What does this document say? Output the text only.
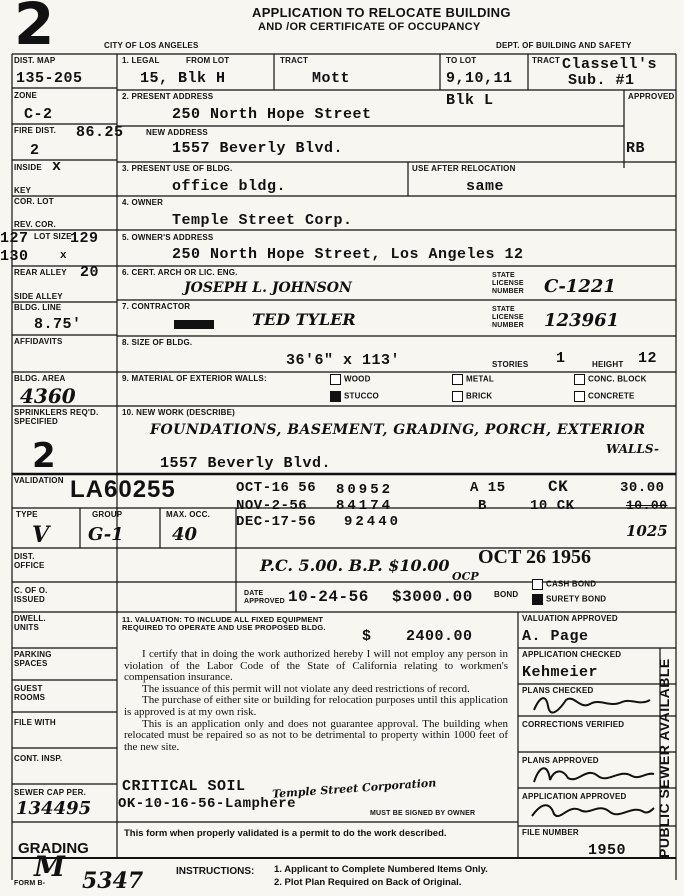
2	APPLICATION TO RELOCATE BUILDING
AND /OR CERTIFICATE OF OCCUPANCY
CITY OF LOS ANGELES	DEPT. OF BUILDING AND SAFETY
DIST. MAP
135-205
1. LEGAL	FROM LOT
15, Blk H
TRACT
Mott
TO LOT
9,10,11
TRACT Classell's
Sub. #1
ZONE
C-2
2. PRESENT ADDRESS	Blk L
250 North Hope Street
APPROVED
FIRE DIST. 86.25
2
NEW ADDRESS
1557 Beverly Blvd.	RB
INSIDE x	3. PRESENT USE OF BLDG.	USE AFTER RELOCATION
office bldg.	same
KEY
COR. LOT	4. OWNER
Temple Street Corp.
REV. COR.
LOT SIZE
127	129
130	x
5. OWNER'S ADDRESS
250 North Hope Street, Los Angeles 12
REAR ALLEY 20	6. CERT. ARCH OR LIC. ENG.
JOSEPH L. JOHNSON
STATE LICENSE NUMBER	C-1221
SIDE ALLEY
BLDG. LINE
8.75'
7. CONTRACTOR
TED TYLER
STATE LICENSE NUMBER	123961
AFFIDAVITS	8. SIZE OF BLDG.
36'6" x 113'	STORIES 1	HEIGHT 12
BLDG. AREA
4360
9. MATERIAL OF EXTERIOR WALLS:	WOOD
STUCCO
METAL
BRICK
CONC. BLOCK
CONCRETE
SPRINKLERS REQ'D. SPECIFIED
10. NEW WORK (DESCRIBE)
FOUNDATIONS, BASEMENT, GRADING, PORCH, EXTERIOR
WALLS-
2	1557 Beverly Blvd.
VALIDATION LA60255	OCT-16 56 80952	A 15	CK	30.00
NOV-2-56 84174	B	10 CK	10.00
DEC-17-56 92440	1025
TYPE
V
GROUP
G-1
MAX. OCC.
40
DIST. OFFICE	P.C. 5.00. B.P. $10.00 OCT 26 1956
OCP
C. OF O. ISSUED
DATE APPROVED 10-24-56 $3000.00	BOND
CASH BOND
SURETY BOND
DWELL. UNITS
11. VALUATION: TO INCLUDE ALL FIXED EQUIPMENT REQUIRED TO OPERATE AND USE PROPOSED BLDG.
$ 2400.00
VALUATION APPROVED
A. Page
PARKING SPACES
GUEST ROOMS
FILE WITH
CONT. INSP.
SEWER CAP PER.
134495
GRADING

I certify that in doing the work authorized hereby I will not employ any person in violation of the Labor Code of the State of California relating to workmen's compensation insurance.

The issuance of this permit will not violate any deed restrictions of record.

The purchase of either site or building for relocation purposes until this application is approved is at my own risk.

This is an application only and does not guarantee approval. The building when relocated must be repaired so as not to be detrimental to property within 1000 feet of the new site.

CRITICAL SOIL
OK-10-16-56-Lamphere
Temple Street Corporation
MUST BE SIGNED BY OWNER
This form when properly validated is a permit to do the work described.
APPLICATION CHECKED
Kehmeier
PLANS CHECKED
CORRECTIONS VERIFIED
PLANS APPROVED
APPLICATION APPROVED
FILE NUMBER
1950 PUBLIC SEWER AVAILABLE
M
FORM B- 5347	INSTRUCTIONS: 1. Applicant to Complete Numbered Items Only.
2. Plot Plan Required on Back of Original.
